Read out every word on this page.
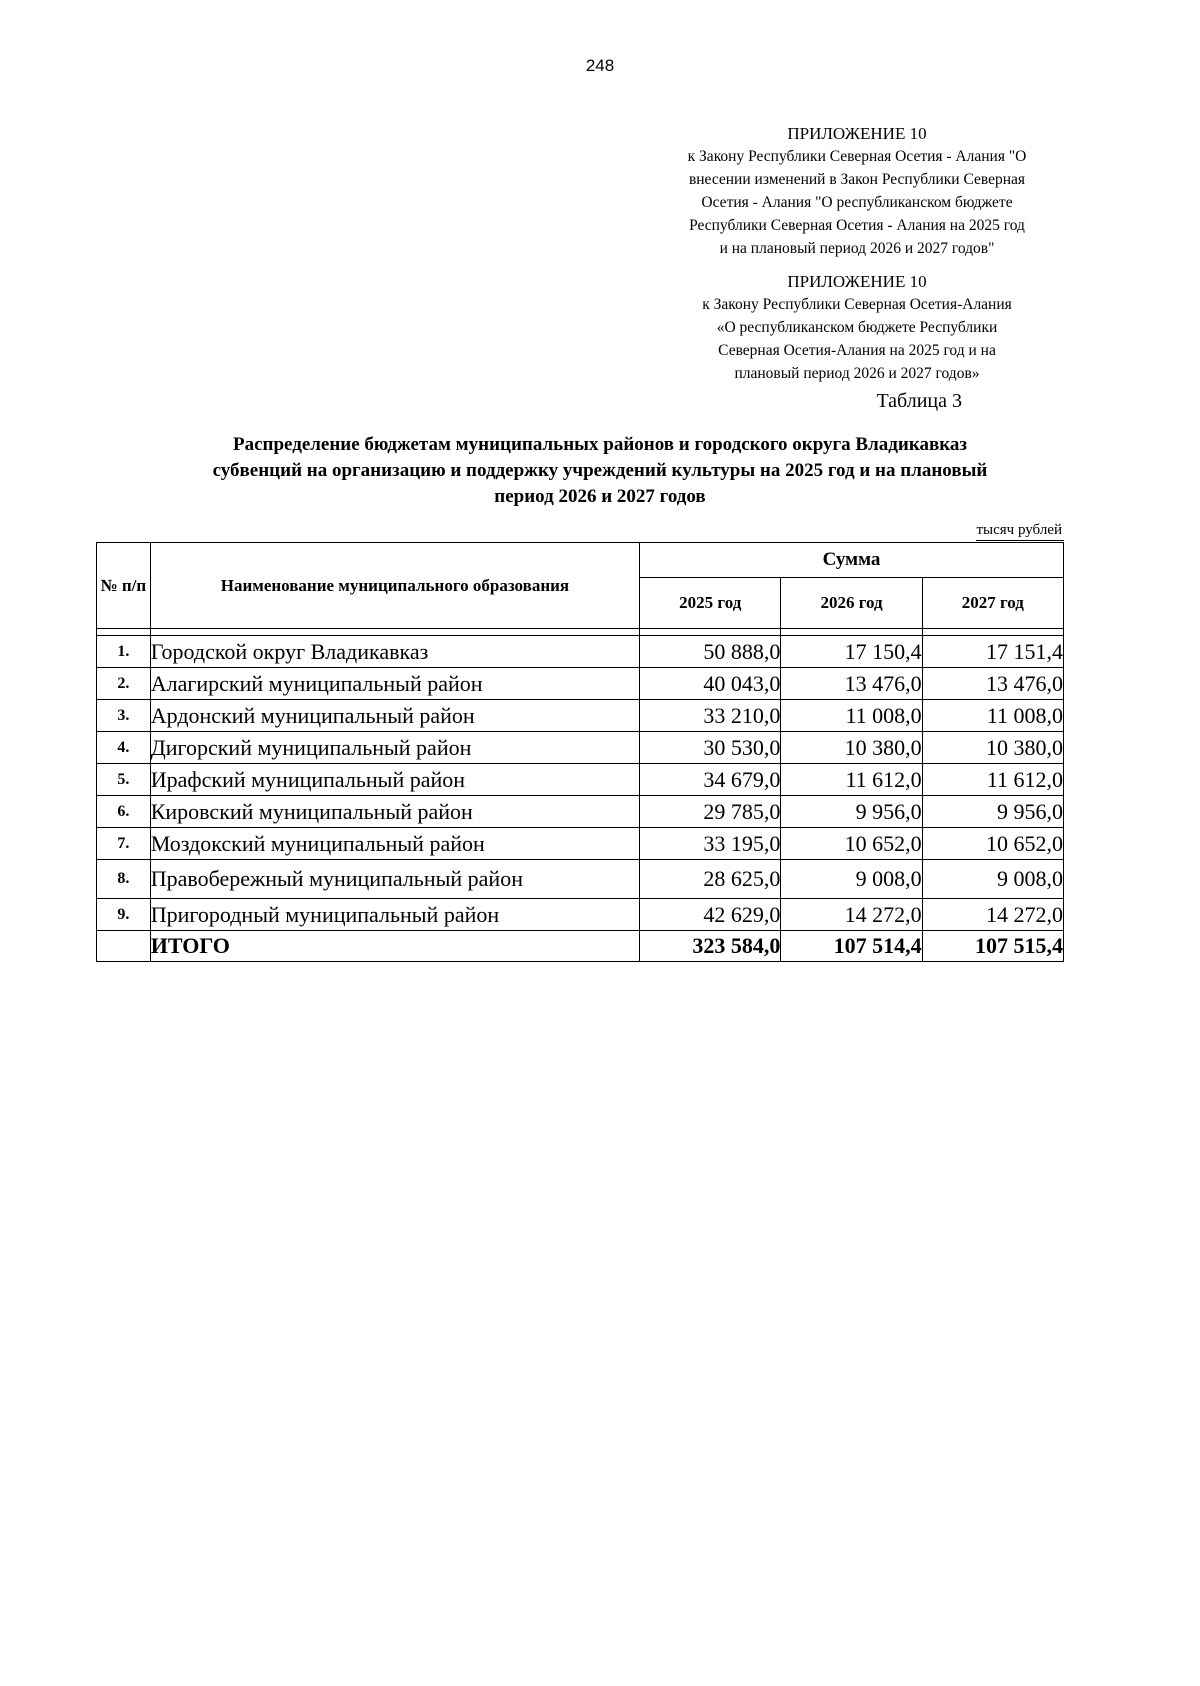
248
ПРИЛОЖЕНИЕ 10
к Закону Республики Северная Осетия - Алания "О
внесении изменений в Закон Республики Северная
Осетия - Алания "О республиканском бюджете
Республики Северная Осетия - Алания на 2025 год
и на плановый период 2026 и 2027 годов"
ПРИЛОЖЕНИЕ 10
к Закону Республики Северная Осетия-Алания
«О республиканском бюджете Республики
Северная Осетия-Алания на 2025 год и на
плановый период 2026 и 2027 годов»
Таблица 3
Распределение бюджетам муниципальных районов и городского округа Владикавказ
субвенций на организацию и поддержку учреждений культуры на 2025 год и на плановый
период 2026 и 2027 годов
тысяч рублей
№ п/п	Наименование муниципального образования	Сумма		
		2025 год	2026 год	2027 год

1.	Городской округ Владикавказ	50 888,0	17 150,4	17 151,4
2.	Алагирский муниципальный район	40 043,0	13 476,0	13 476,0
3.	Ардонский муниципальный район	33 210,0	11 008,0	11 008,0
4.	Дигорский муниципальный район	30 530,0	10 380,0	10 380,0
5.	Ирафский муниципальный район	34 679,0	11 612,0	11 612,0
6.	Кировский муниципальный район	29 785,0	9 956,0	9 956,0
7.	Моздокский муниципальный район	33 195,0	10 652,0	10 652,0
8.	Правобережный муниципальный район	28 625,0	9 008,0	9 008,0
9.	Пригородный муниципальный район	42 629,0	14 272,0	14 272,0
	ИТОГО	323 584,0	107 514,4	107 515,4
